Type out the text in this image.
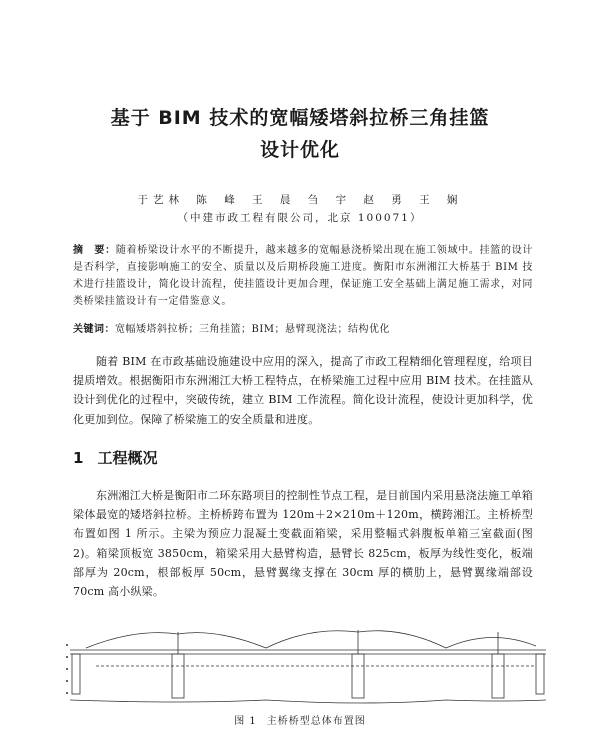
基于 BIM 技术的宽幅矮塔斜拉桥三角挂篮
设计优化
于艺林 陈 峰 王 晨 刍 宇 赵 勇 王 娴
（中建市政工程有限公司，北京 100071）
摘　要：随着桥梁设计水平的不断提升，越来越多的宽幅悬浇桥梁出现在施工领域中。挂篮的设计是否科学，直接影响施工的安全、质量以及后期桥段施工进度。衡阳市东洲湘江大桥基于 BIM 技术进行挂篮设计，简化设计流程，使挂篮设计更加合理，保证施工安全基础上满足施工需求，对同类桥梁挂篮设计有一定借鉴意义。
关键词：宽幅矮塔斜拉桥；三角挂篮；BIM；悬臂现浇法；结构优化
随着 BIM 在市政基础设施建设中应用的深入，提高了市政工程精细化管理程度，给项目提质增效。根据衡阳市东洲湘江大桥工程特点，在桥梁施工过程中应用 BIM 技术。在挂篮从设计到优化的过程中，突破传统，建立 BIM 工作流程。简化设计流程，使设计更加科学，优化更加到位。保障了桥梁施工的安全质量和进度。
1 工程概况
东洲湘江大桥是衡阳市二环东路项目的控制性节点工程，是目前国内采用悬浇法施工单箱梁体最宽的矮塔斜拉桥。主桥桥跨布置为 120m＋2×210m＋120m，横跨湘江。主桥桥型布置如图 1 所示。主梁为预应力混凝土变截面箱梁，采用整幅式斜腹板单箱三室截面(图 2)。箱梁顶板宽 3850cm，箱梁采用大悬臂构造，悬臂长 825cm，板厚为线性变化，板端部厚为 20cm，根部板厚 50cm，悬臂翼缘支撑在 30cm 厚的横肋上，悬臂翼缘端部设 70cm 高小纵梁。
图 1 主桥桥型总体布置图
